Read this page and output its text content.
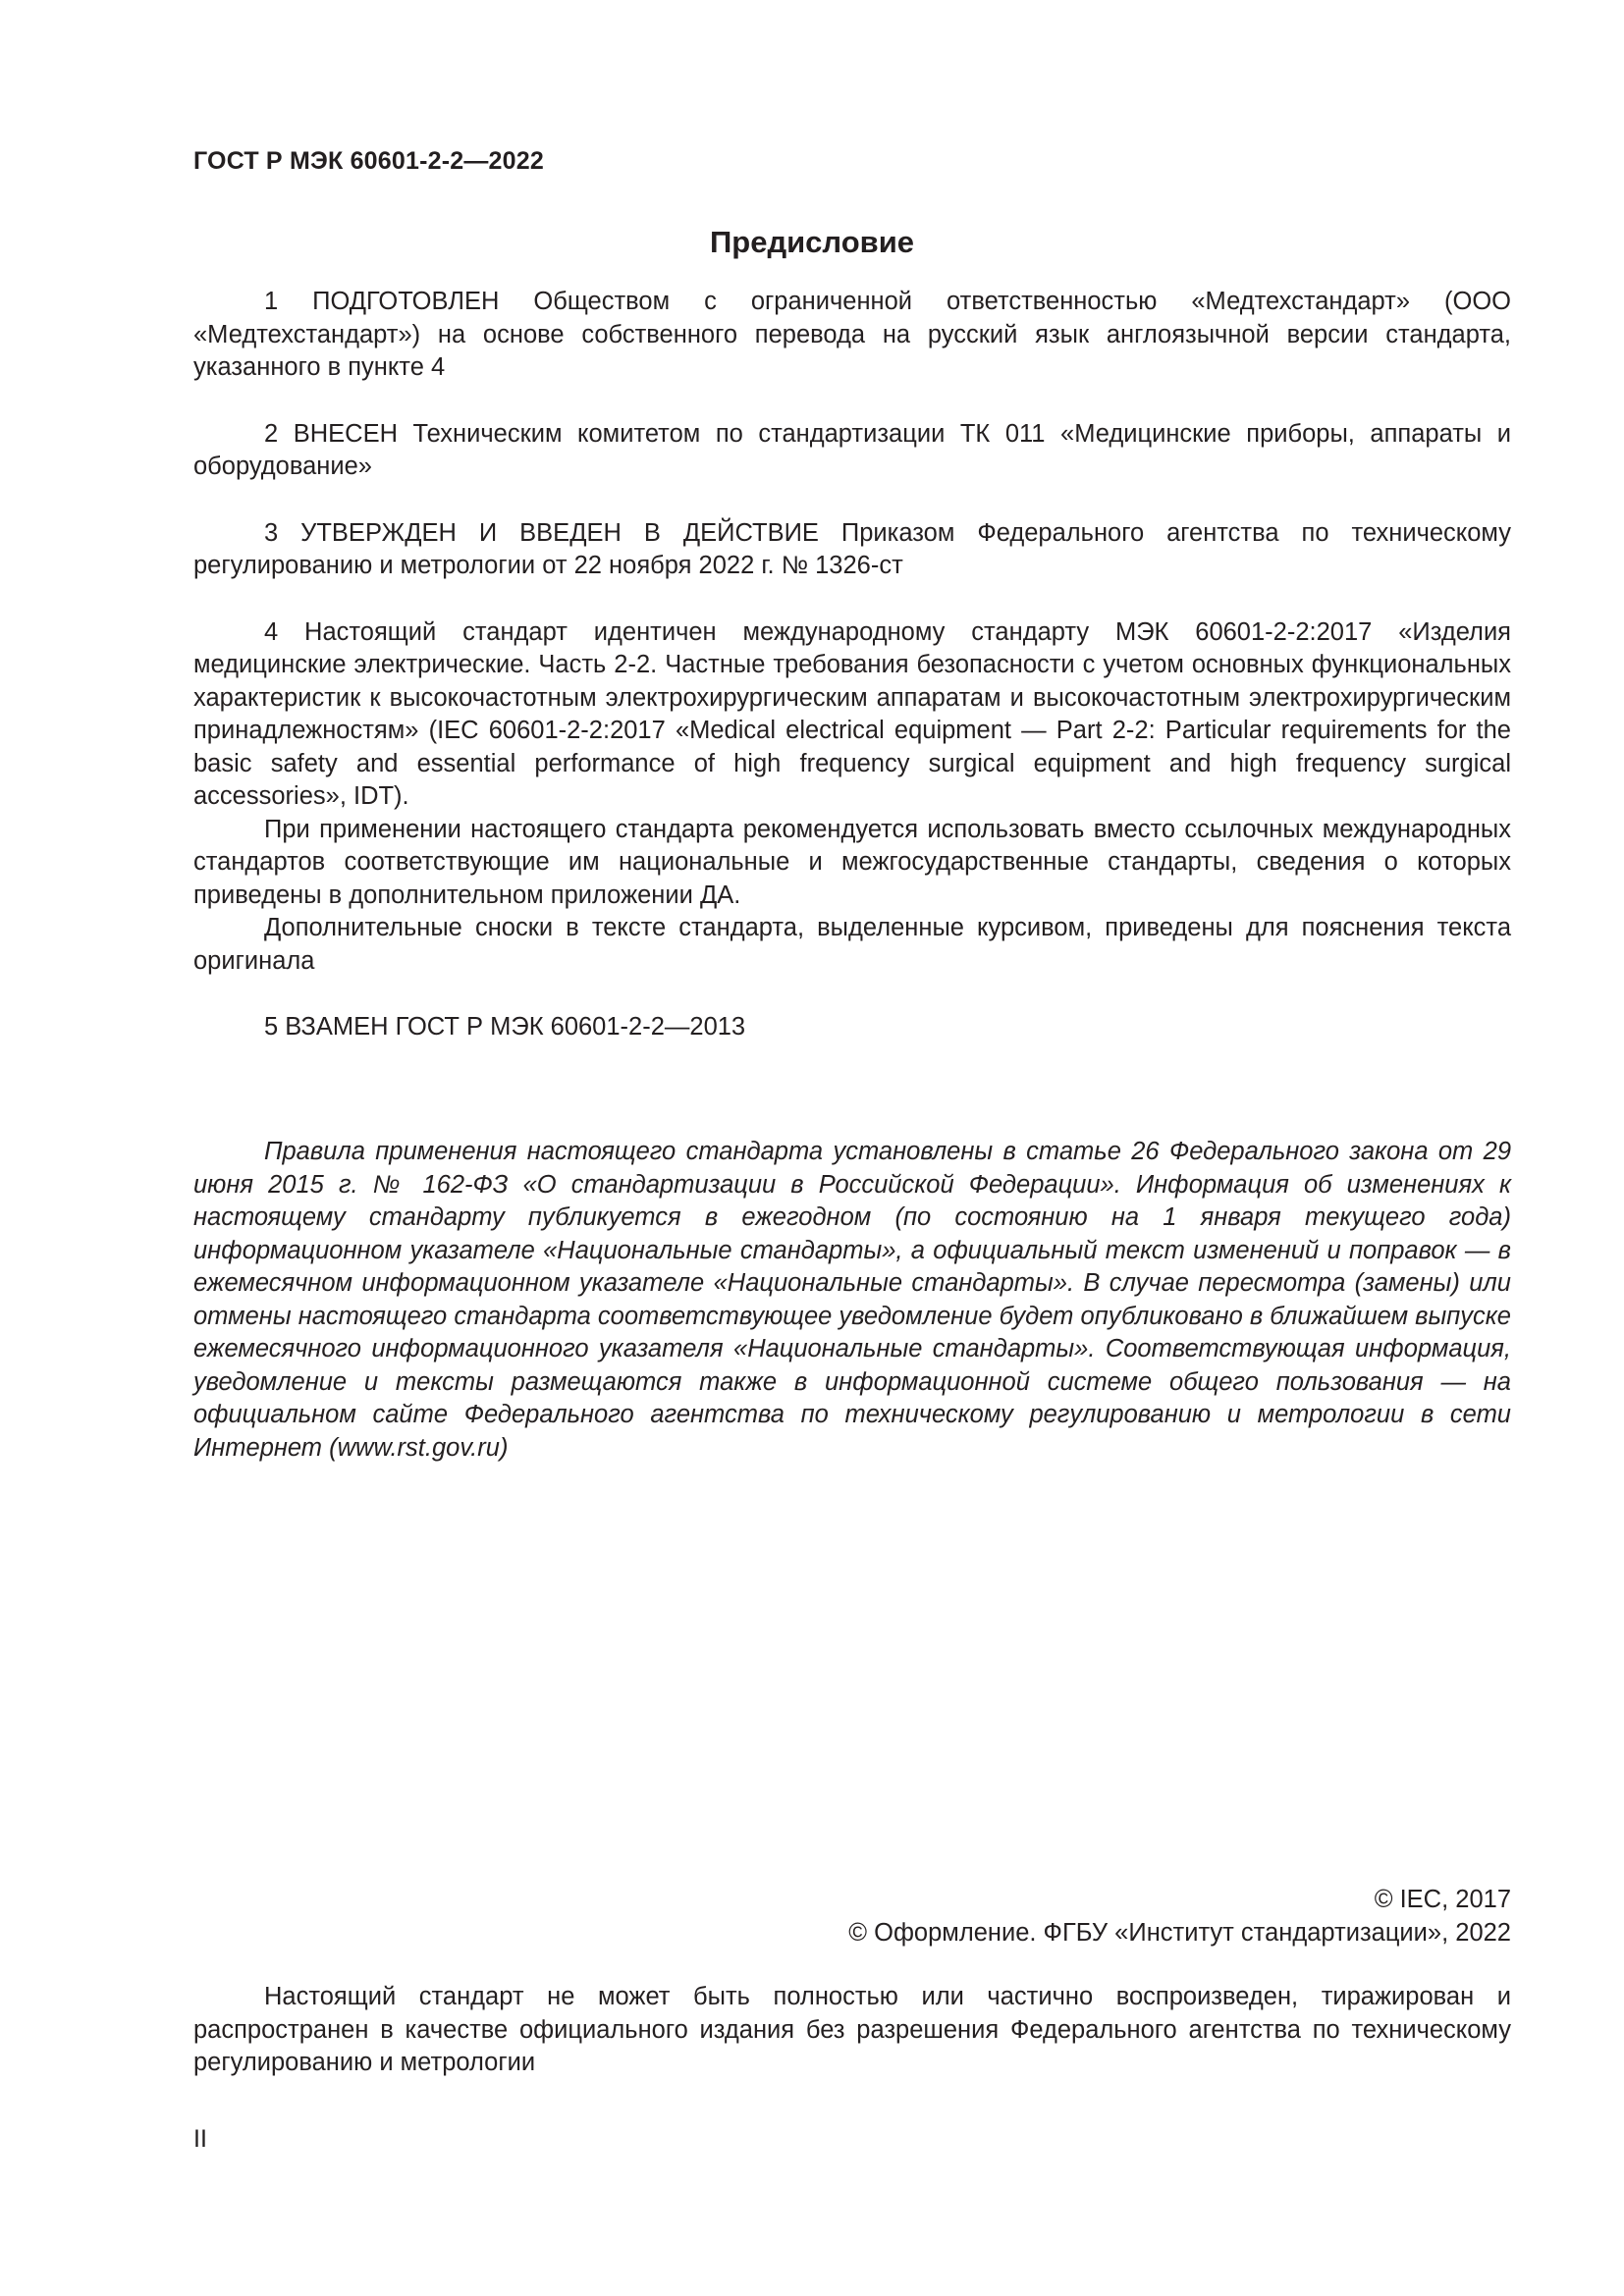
ГОСТ Р МЭК 60601-2-2—2022
Предисловие

1 ПОДГОТОВЛЕН Обществом с ограниченной ответственностью «Медтехстандарт» (ООО «Медтехстандарт») на основе собственного перевода на русский язык англоязычной версии стандарта, указанного в пункте 4

2 ВНЕСЕН Техническим комитетом по стандартизации ТК 011 «Медицинские приборы, аппараты и оборудование»

3 УТВЕРЖДЕН И ВВЕДЕН В ДЕЙСТВИЕ Приказом Федерального агентства по техническому регулированию и метрологии от 22 ноября 2022 г. № 1326-ст

4 Настоящий стандарт идентичен международному стандарту МЭК 60601-2-2:2017 «Изделия медицинские электрические. Часть 2-2. Частные требования безопасности с учетом основных функциональных характеристик к высокочастотным электрохирургическим аппаратам и высокочастотным электрохирургическим принадлежностям» (IEC 60601-2-2:2017 «Medical electrical equipment — Part 2-2: Particular requirements for the basic safety and essential performance of high frequency surgical equipment and high frequency surgical accessories», IDT).

При применении настоящего стандарта рекомендуется использовать вместо ссылочных международных стандартов соответствующие им национальные и межгосударственные стандарты, сведения о которых приведены в дополнительном приложении ДА.

Дополнительные сноски в тексте стандарта, выделенные курсивом, приведены для пояснения текста оригинала

5 ВЗАМЕН ГОСТ Р МЭК 60601-2-2—2013

Правила применения настоящего стандарта установлены в статье 26 Федерального закона от 29 июня 2015 г. № 162-ФЗ «О стандартизации в Российской Федерации». Информация об изменениях к настоящему стандарту публикуется в ежегодном (по состоянию на 1 января текущего года) информационном указателе «Национальные стандарты», а официальный текст изменений и поправок — в ежемесячном информационном указателе «Национальные стандарты». В случае пересмотра (замены) или отмены настоящего стандарта соответствующее уведомление будет опубликовано в ближайшем выпуске ежемесячного информационного указателя «Национальные стандарты». Соответствующая информация, уведомление и тексты размещаются также в информационной системе общего пользования — на официальном сайте Федерального агентства по техническому регулированию и метрологии в сети Интернет (www.rst.gov.ru)

© IEC, 2017
© Оформление. ФГБУ «Институт стандартизации», 2022

Настоящий стандарт не может быть полностью или частично воспроизведен, тиражирован и распространен в качестве официального издания без разрешения Федерального агентства по техническому регулированию и метрологии

II
